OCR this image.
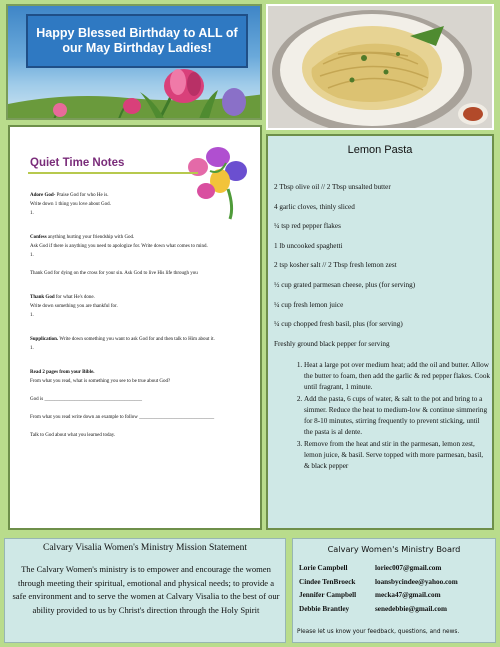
Happy Blessed Birthday to ALL of our May Birthday Ladies!
Quiet Time Notes

Adore God- Praise God for who He is.

Write down 1 thing you love about God.

1.

Confess anything hurting your friendship with God.

Ask God if there is anything you need to apologize for. Write down what comes to mind.

1.

Thank God for dying on the cross for your sin. Ask God to live His life through you

Thank God for what He's done.

Write down something you are thankful for.

1.

Supplication. Write down something you want to ask God for and then talk to Him about it.

1.

Read 2 pages from your Bible.

From what you read, what is something you see to be true about God?

God is _______________________________________

From what you read write down an example to follow ______________________________

Talk to God about what you learned today.

Lemon Pasta
2 Tbsp olive oil // 2 Tbsp unsalted butter
4 garlic cloves, thinly sliced
¼ tsp red pepper flakes
1 lb uncooked spaghetti
2 tsp kosher salt // 2 Tbsp fresh lemon zest
½ cup grated parmesan cheese, plus (for serving)
¼ cup fresh lemon juice
¼ cup chopped fresh basil, plus (for serving)
Freshly ground black pepper for serving
1. Heat a large pot over medium heat; add the oil and butter. Allow the butter to foam, then add the garlic & red pepper flakes. Cook until fragrant, 1 minute.
2. Add the pasta, 6 cups of water, & salt to the pot and bring to a simmer. Reduce the heat to medium-low & continue simmering for 8-10 minutes, stirring frequently to prevent sticking, until the pasta is al dente.
3. Remove from the heat and stir in the parmesan, lemon zest, lemon juice, & basil. Serve topped with more parmesan, basil, & black pepper
Calvary Visalia Women's Ministry Mission Statement
The Calvary Women's ministry is to empower and encourage the women through meeting their spiritual, emotional and physical needs; to provide a safe environment and to serve the women at Calvary Visalia to the best of our ability provided to us by Christ's direction through the Holy Spirit
Calvary Women's Ministry Board
Lorie Campbell	loriec007@gmail.com
Cindee TenBroeck	loansbycindee@yahoo.com
Jennifer Campbell	mecka47@gmail.com
Debbie Brantley	senedebbie@gmail.com
Please let us know your feedback, questions, and news.
